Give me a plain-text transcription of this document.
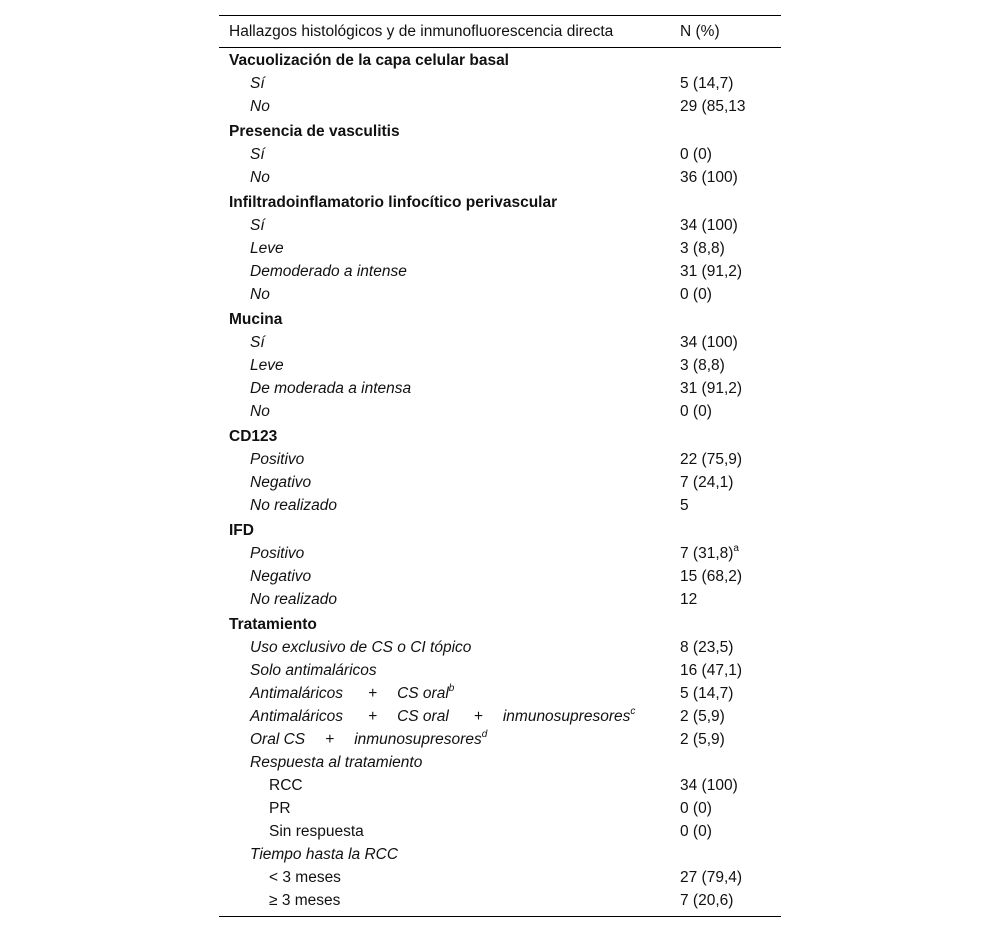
Hallazgos histológicos y de inmunofluorescencia directa	N (%)
Vacuolización de la capa celular basal
Sí	5 (14,7)
No	29 (85,13
Presencia de vasculitis
Sí	0 (0)
No	36 (100)
Infiltradoinflamatorio linfocítico perivascular
Sí	34 (100)
Leve	3 (8,8)
Demoderado a intense	31 (91,2)
No	0 (0)
Mucina
Sí	34 (100)
Leve	3 (8,8)
De moderada a intensa	31 (91,2)
No	0 (0)
CD123
Positivo	22 (75,9)
Negativo	7 (24,1)
No realizado	5
IFD
Positivo	7 $(31,8)^a$
Negativo	15 (68,2)
No realizado	12
Tratamiento
Uso exclusivo de CS o CI tópico	8 (23,5)
Solo antimaláricos	16 (47,1)
Antimaláricos + CS oral$^b$	5 (14,7)
Antimaláricos + CS oral + inmunosupresores$^c$	2 (5,9)
Oral CS + inmunosupresores$^d$	2 (5,9)
Respuesta al tratamiento
RCC	34 (100)
PR	0 (0)
Sin respuesta	0 (0)
Tiempo hasta la RCC
< 3 meses	27 (79,4)
≥ 3 meses	7 (20,6)
